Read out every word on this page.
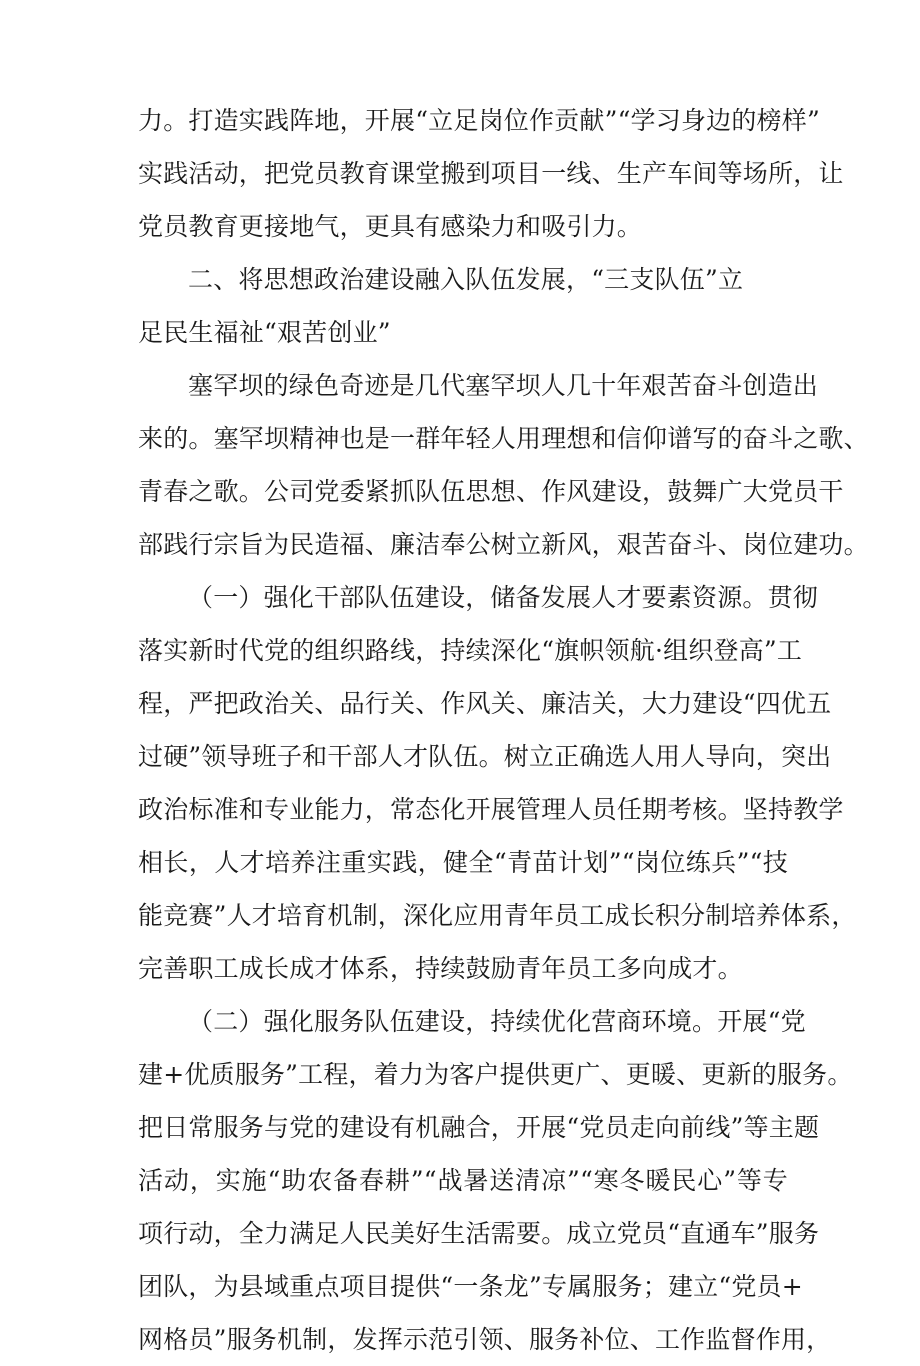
力。打造实践阵地，开展“立足岗位作贡献”“学习身边的榜样”
实践活动，把党员教育课堂搬到项目一线、生产车间等场所，让
党员教育更接地气，更具有感染力和吸引力。
二、将思想政治建设融入队伍发展，“三支队伍”立
足民生福祉“艰苦创业”
塞罕坝的绿色奇迹是几代塞罕坝人几十年艰苦奋斗创造出
来的。塞罕坝精神也是一群年轻人用理想和信仰谱写的奋斗之歌、
青春之歌。公司党委紧抓队伍思想、作风建设，鼓舞广大党员干
部践行宗旨为民造福、廉洁奉公树立新风，艰苦奋斗、岗位建功。
（一）强化干部队伍建设，储备发展人才要素资源。贯彻
落实新时代党的组织路线，持续深化“旗帜领航·组织登高”工
程，严把政治关、品行关、作风关、廉洁关，大力建设“四优五
过硬”领导班子和干部人才队伍。树立正确选人用人导向，突出
政治标准和专业能力，常态化开展管理人员任期考核。坚持教学
相长，人才培养注重实践，健全“青苗计划”“岗位练兵”“技
能竞赛”人才培育机制，深化应用青年员工成长积分制培养体系，
完善职工成长成才体系，持续鼓励青年员工多向成才。
（二）强化服务队伍建设，持续优化营商环境。开展“党
建+优质服务”工程，着力为客户提供更广、更暖、更新的服务。
把日常服务与党的建设有机融合，开展“党员走向前线”等主题
活动，实施“助农备春耕”“战暑送清凉”“寒冬暖民心”等专
项行动，全力满足人民美好生活需要。成立党员“直通车”服务
团队，为县域重点项目提供“一条龙”专属服务；建立“党员+
网格员”服务机制，发挥示范引领、服务补位、工作监督作用，
